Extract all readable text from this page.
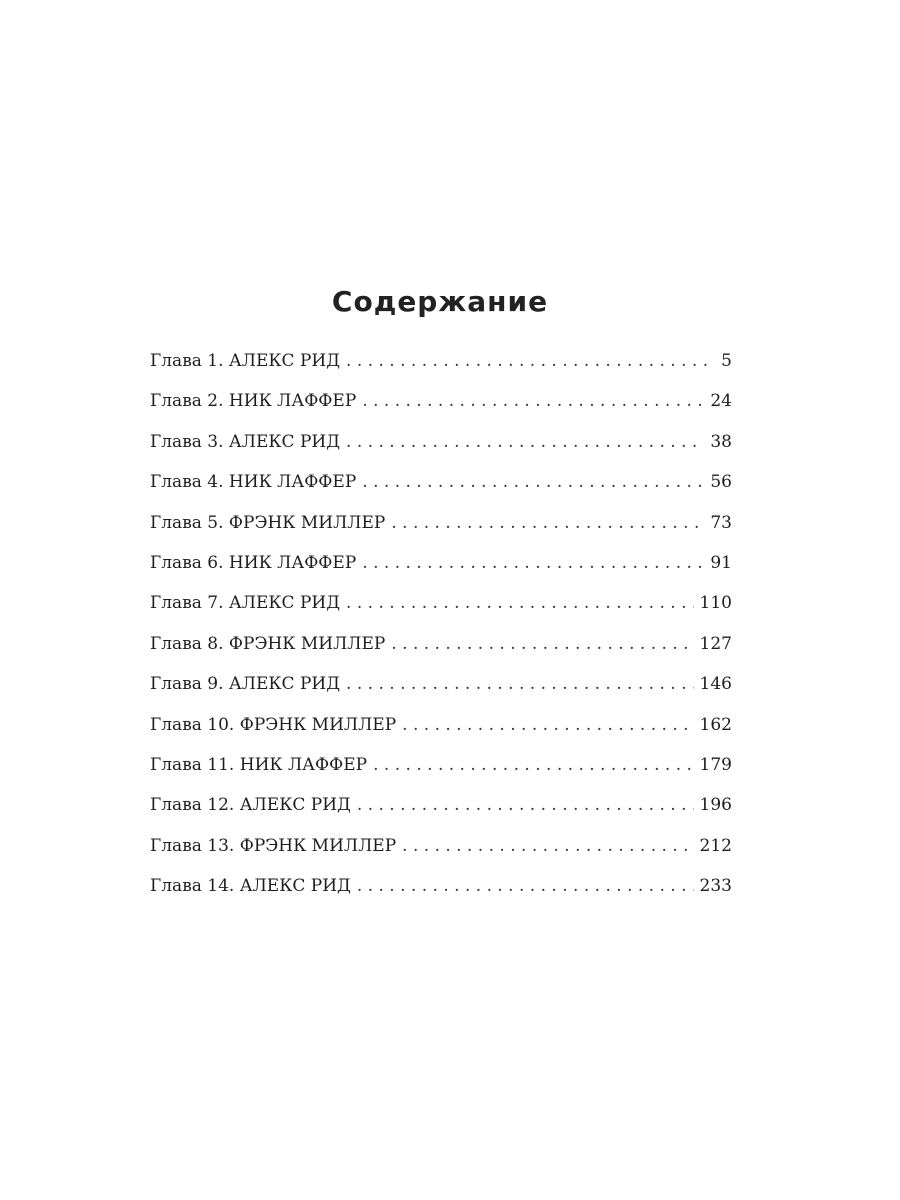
Содержание
Глава 1. АЛЕКС РИД . . .	5
Глава 2. НИК ЛАФФЕР . . .	24
Глава 3. АЛЕКС РИД . . .	38
Глава 4. НИК ЛАФФЕР . . .	56
Глава 5. ФРЭНК МИЛЛЕР . . .	73
Глава 6. НИК ЛАФФЕР . . .	91
Глава 7. АЛЕКС РИД . . .	110
Глава 8. ФРЭНК МИЛЛЕР . . .	127
Глава 9. АЛЕКС РИД . . .	146
Глава 10. ФРЭНК МИЛЛЕР . . .	162
Глава 11. НИК ЛАФФЕР . . .	179
Глава 12. АЛЕКС РИД . . .	196
Глава 13. ФРЭНК МИЛЛЕР . . .	212
Глава 14. АЛЕКС РИД . . .	233
